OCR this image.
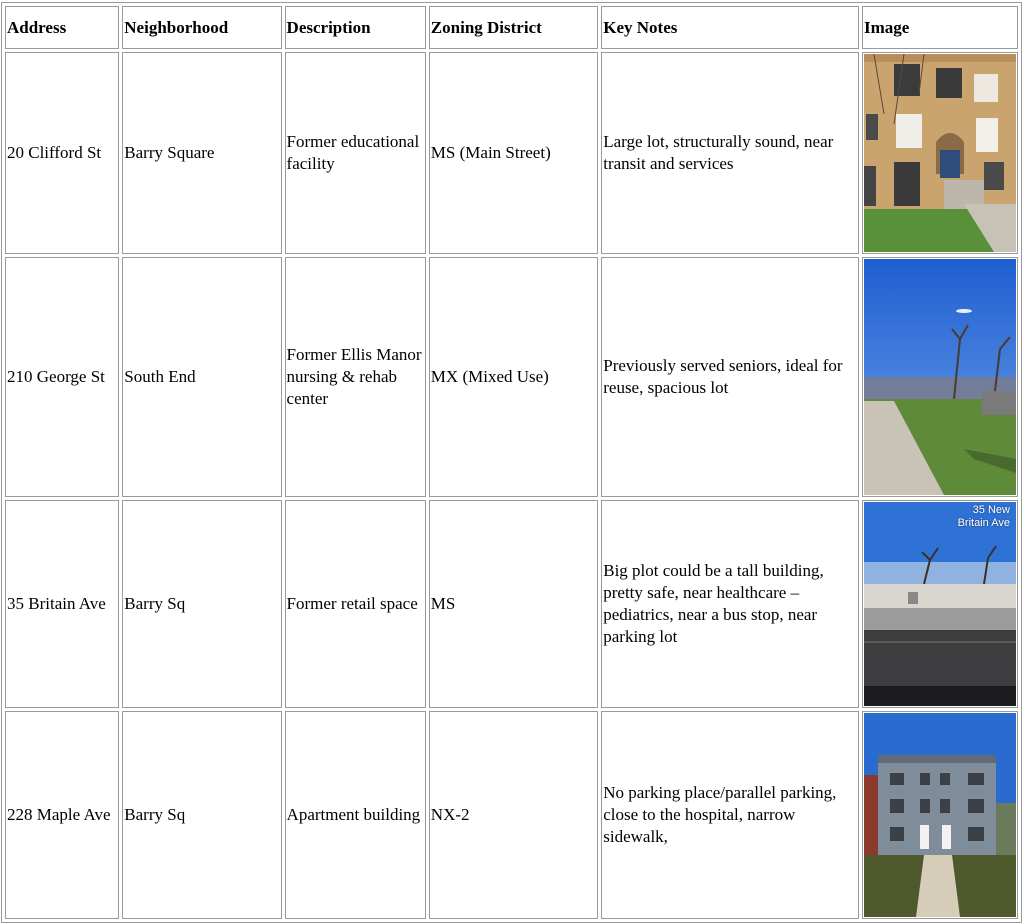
Address	Neighborhood	Description	Zoning District	Key Notes	Image
20 Clifford St	Barry Square	Former educational facility	MS (Main Street)	Large lot, structurally sound, near transit and services	

210 George St	South End	Former Ellis Manor nursing & rehab center	MX (Mixed Use)	Previously served seniors, ideal for reuse, spacious lot	

35 Britain Ave	Barry Sq	Former retail space	MS	Big plot could be a tall building, pretty safe, near healthcare – pediatrics, near a bus stop, near parking lot	35 New Britain Ave

228 Maple Ave	Barry Sq	Apartment building	NX-2	No parking place/parallel parking, close to the hospital, narrow sidewalk,	
